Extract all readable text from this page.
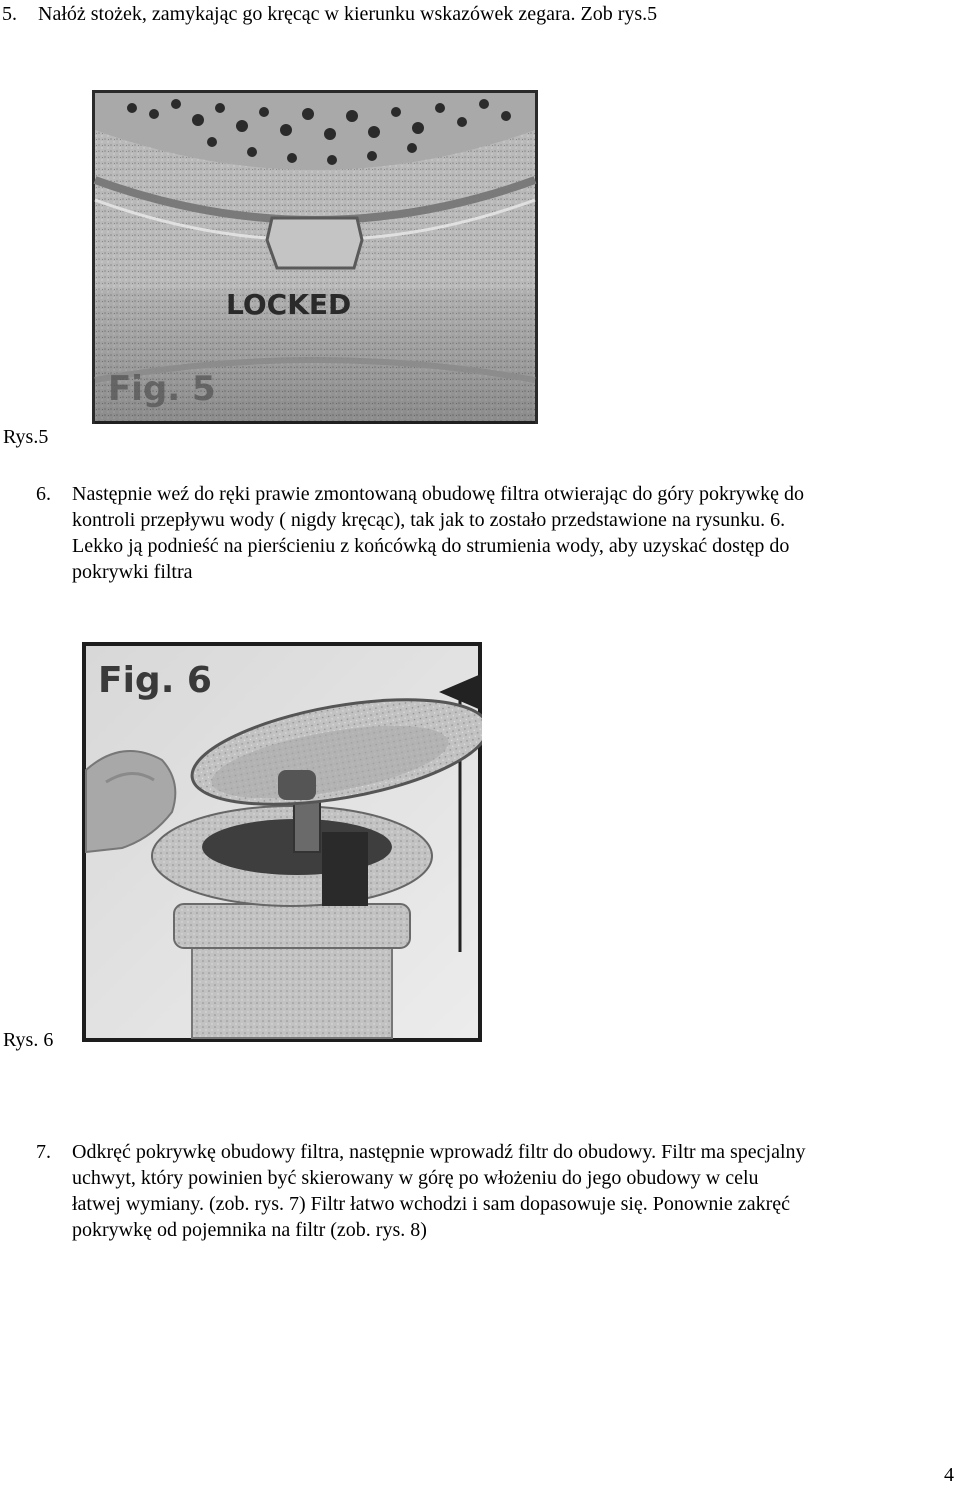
5. Nałóż stożek, zamykając go kręcąc w kierunku wskazówek zegara. Zob rys.5
LOCKED
Fig. 5
Rys.5
6. Następnie weź do ręki prawie zmontowaną obudowę filtra otwierając do góry pokrywkę do
kontroli przepływu wody ( nigdy kręcąc), tak jak to zostało przedstawione na rysunku. 6.
Lekko ją podnieść na pierścieniu z końcówką do strumienia wody, aby uzyskać dostęp do
pokrywki filtra
Fig. 6
Rys. 6
7. Odkręć pokrywkę obudowy filtra, następnie wprowadź filtr do obudowy. Filtr ma specjalny
uchwyt, który powinien być skierowany w górę po włożeniu do jego obudowy w celu
łatwej wymiany. (zob. rys. 7) Filtr łatwo wchodzi i sam dopasowuje się. Ponownie zakręć
pokrywkę od pojemnika na filtr (zob. rys. 8)
4
